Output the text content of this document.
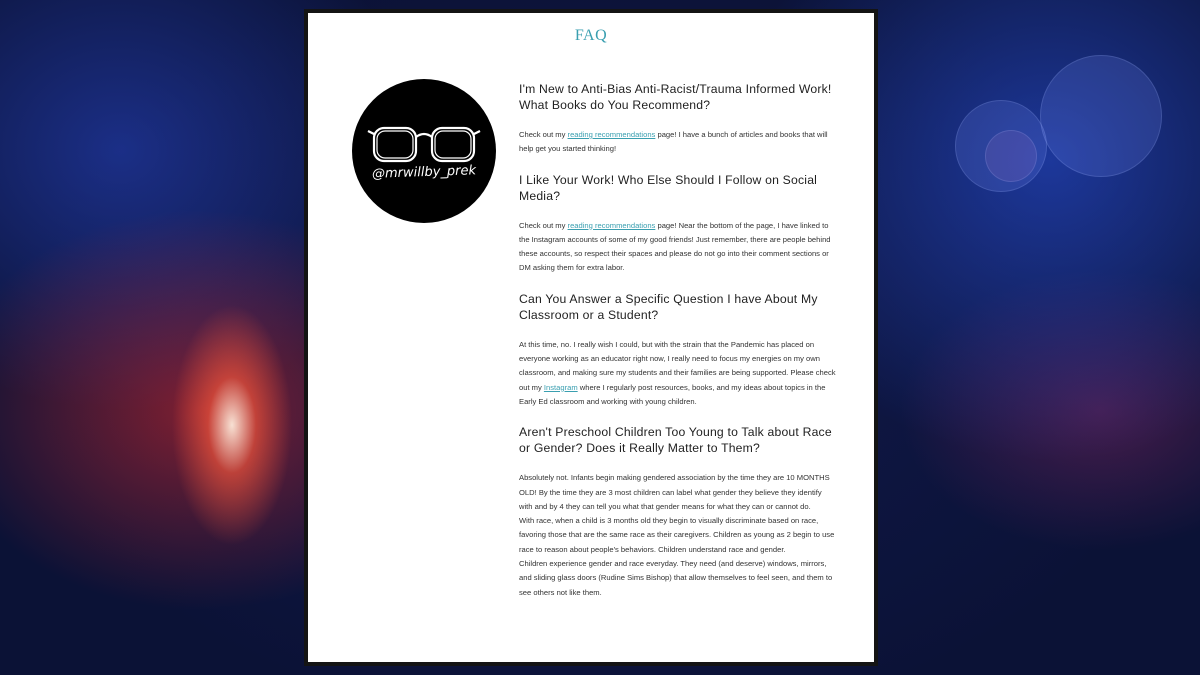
FAQ
@mrwillby_prek
I'm New to Anti-Bias Anti-Racist/Trauma Informed Work! What Books do You Recommend?

Check out my reading recommendations page! I have a bunch of articles and books that will help get you started thinking!

I Like Your Work! Who Else Should I Follow on Social Media?

Check out my reading recommendations page! Near the bottom of the page, I have linked to the Instagram accounts of some of my good friends! Just remember, there are people behind these accounts, so respect their spaces and please do not go into their comment sections or DM asking them for extra labor.

Can You Answer a Specific Question I have About My Classroom or a Student?

At this time, no. I really wish I could, but with the strain that the Pandemic has placed on everyone working as an educator right now, I really need to focus my energies on my own classroom, and making sure my students and their families are being supported. Please check out my Instagram where I regularly post resources, books, and my ideas about topics in the Early Ed classroom and working with young children.

Aren't Preschool Children Too Young to Talk about Race or Gender? Does it Really Matter to Them?

Absolutely not. Infants begin making gendered association by the time they are 10 MONTHS OLD! By the time they are 3 most children can label what gender they believe they identify with and by 4 they can tell you what that gender means for what they can or cannot do.

With race, when a child is 3 months old they begin to visually discriminate based on race, favoring those that are the same race as their caregivers. Children as young as 2 begin to use race to reason about people's behaviors. Children understand race and gender.

Children experience gender and race everyday. They need (and deserve) windows, mirrors, and sliding glass doors (Rudine Sims Bishop) that allow themselves to feel seen, and them to see others not like them.
